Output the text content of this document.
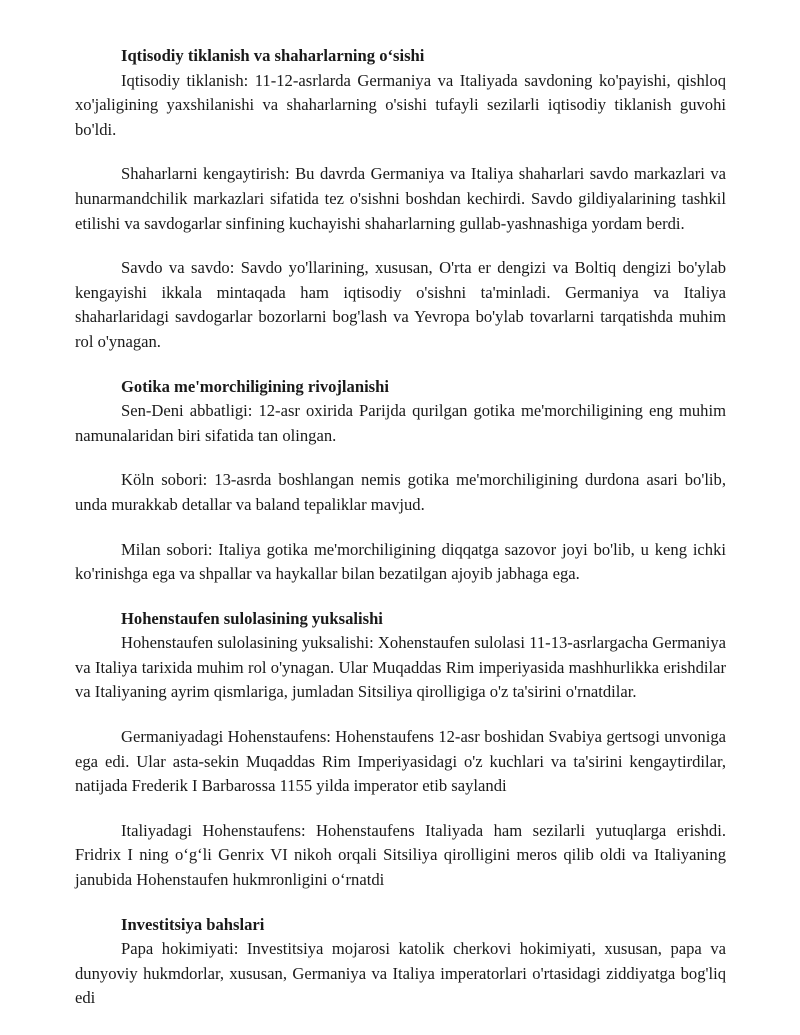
Iqtisodiy tiklanish va shaharlarning oʻsishi

Iqtisodiy tiklanish: 11-12-asrlarda Germaniya va Italiyada savdoning ko'payishi, qishloq xo'jaligining yaxshilanishi va shaharlarning o'sishi tufayli sezilarli iqtisodiy tiklanish guvohi bo'ldi.

Shaharlarni kengaytirish: Bu davrda Germaniya va Italiya shaharlari savdo markazlari va hunarmandchilik markazlari sifatida tez o'sishni boshdan kechirdi. Savdo gildiyalarining tashkil etilishi va savdogarlar sinfining kuchayishi shaharlarning gullab-yashnashiga yordam berdi.

Savdo va savdo: Savdo yo'llarining, xususan, O'rta er dengizi va Boltiq dengizi bo'ylab kengayishi ikkala mintaqada ham iqtisodiy o'sishni ta'minladi. Germaniya va Italiya shaharlaridagi savdogarlar bozorlarni bog'lash va Yevropa bo'ylab tovarlarni tarqatishda muhim rol o'ynagan.

Gotika me'morchiligining rivojlanishi

Sen-Deni abbatligi: 12-asr oxirida Parijda qurilgan gotika me'morchiligining eng muhim namunalaridan biri sifatida tan olingan.

Köln sobori: 13-asrda boshlangan nemis gotika me'morchiligining durdona asari bo'lib, unda murakkab detallar va baland tepaliklar mavjud.

Milan sobori: Italiya gotika me'morchiligining diqqatga sazovor joyi bo'lib, u keng ichki ko'rinishga ega va shpallar va haykallar bilan bezatilgan ajoyib jabhaga ega.

Hohenstaufen sulolasining yuksalishi

Hohenstaufen sulolasining yuksalishi: Xohenstaufen sulolasi 11-13-asrlargacha Germaniya va Italiya tarixida muhim rol o'ynagan. Ular Muqaddas Rim imperiyasida mashhurlikka erishdilar va Italiyaning ayrim qismlariga, jumladan Sitsiliya qirolligiga o'z ta'sirini o'rnatdilar.

Germaniyadagi Hohenstaufens: Hohenstaufens 12-asr boshidan Svabiya gertsogi unvoniga ega edi. Ular asta-sekin Muqaddas Rim Imperiyasidagi o'z kuchlari va ta'sirini kengaytirdilar, natijada Frederik I Barbarossa 1155 yilda imperator etib saylandi

Italiyadagi Hohenstaufens: Hohenstaufens Italiyada ham sezilarli yutuqlarga erishdi. Fridrix I ning oʻgʻli Genrix VI nikoh orqali Sitsiliya qirolligini meros qilib oldi va Italiyaning janubida Hohenstaufen hukmronligini oʻrnatdi

Investitsiya bahslari

Papa hokimiyati: Investitsiya mojarosi katolik cherkovi hokimiyati, xususan, papa va dunyoviy hukmdorlar, xususan, Germaniya va Italiya imperatorlari o'rtasidagi ziddiyatga bog'liq edi
